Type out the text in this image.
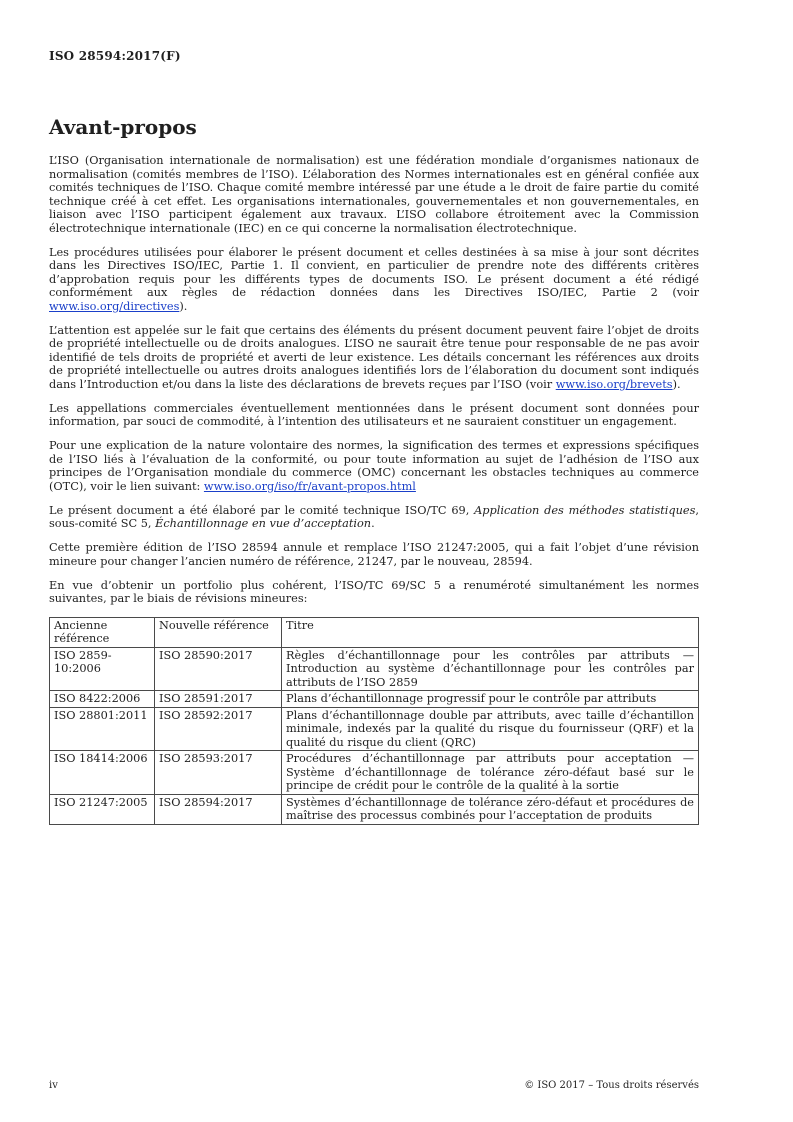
ISO 28594:2017(F)
Avant-propos

L’ISO (Organisation internationale de normalisation) est une fédération mondiale d’organismes nationaux de normalisation (comités membres de l’ISO). L’élaboration des Normes internationales est en général confiée aux comités techniques de l’ISO. Chaque comité membre intéressé par une étude a le droit de faire partie du comité technique créé à cet effet. Les organisations internationales, gouvernementales et non gouvernementales, en liaison avec l’ISO participent également aux travaux. L’ISO collabore étroitement avec la Commission électrotechnique internationale (IEC) en ce qui concerne la normalisation électrotechnique.

Les procédures utilisées pour élaborer le présent document et celles destinées à sa mise à jour sont décrites dans les Directives ISO/IEC, Partie 1. Il convient, en particulier de prendre note des différents critères d’approbation requis pour les différents types de documents ISO. Le présent document a été rédigé conformément aux règles de rédaction données dans les Directives ISO/IEC, Partie 2 (voir www.iso.org/directives).

L’attention est appelée sur le fait que certains des éléments du présent document peuvent faire l’objet de droits de propriété intellectuelle ou de droits analogues. L’ISO ne saurait être tenue pour responsable de ne pas avoir identifié de tels droits de propriété et averti de leur existence. Les détails concernant les références aux droits de propriété intellectuelle ou autres droits analogues identifiés lors de l’élaboration du document sont indiqués dans l’Introduction et/ou dans la liste des déclarations de brevets reçues par l’ISO (voir www.iso.org/brevets).

Les appellations commerciales éventuellement mentionnées dans le présent document sont données pour information, par souci de commodité, à l’intention des utilisateurs et ne sauraient constituer un engagement.

Pour une explication de la nature volontaire des normes, la signification des termes et expressions spécifiques de l’ISO liés à l’évaluation de la conformité, ou pour toute information au sujet de l’adhésion de l’ISO aux principes de l’Organisation mondiale du commerce (OMC) concernant les obstacles techniques au commerce (OTC), voir le lien suivant: www.iso.org/iso/fr/avant-propos.html

Le présent document a été élaboré par le comité technique ISO/TC 69, Application des méthodes statistiques, sous-comité SC 5, Échantillonnage en vue d’acceptation.

Cette première édition de l’ISO 28594 annule et remplace l’ISO 21247:2005, qui a fait l’objet d’une révision mineure pour changer l’ancien numéro de référence, 21247, par le nouveau, 28594.

En vue d’obtenir un portfolio plus cohérent, l’ISO/TC 69/SC 5 a renuméroté simultanément les normes suivantes, par le biais de révisions mineures:

Ancienne référence	Nouvelle référence	Titre
ISO 2859-10:2006	ISO 28590:2017	Règles d’échantillonnage pour les contrôles par attributs — Introduction au système d’échantillonnage pour les contrôles par attributs de l’ISO 2859
ISO 8422:2006	ISO 28591:2017	Plans d’échantillonnage progressif pour le contrôle par attributs
ISO 28801:2011	ISO 28592:2017	Plans d’échantillonnage double par attributs, avec taille d’échantillon minimale, indexés par la qualité du risque du fournisseur (QRF) et la qualité du risque du client (QRC)
ISO 18414:2006	ISO 28593:2017	Procédures d’échantillonnage par attributs pour acceptation — Système d’échantillonnage de tolérance zéro-défaut basé sur le principe de crédit pour le contrôle de la qualité à la sortie
ISO 21247:2005	ISO 28594:2017	Systèmes d’échantillonnage de tolérance zéro-défaut et procédures de maîtrise des processus combinés pour l’acceptation de produits
iv	© ISO 2017 – Tous droits réservés
